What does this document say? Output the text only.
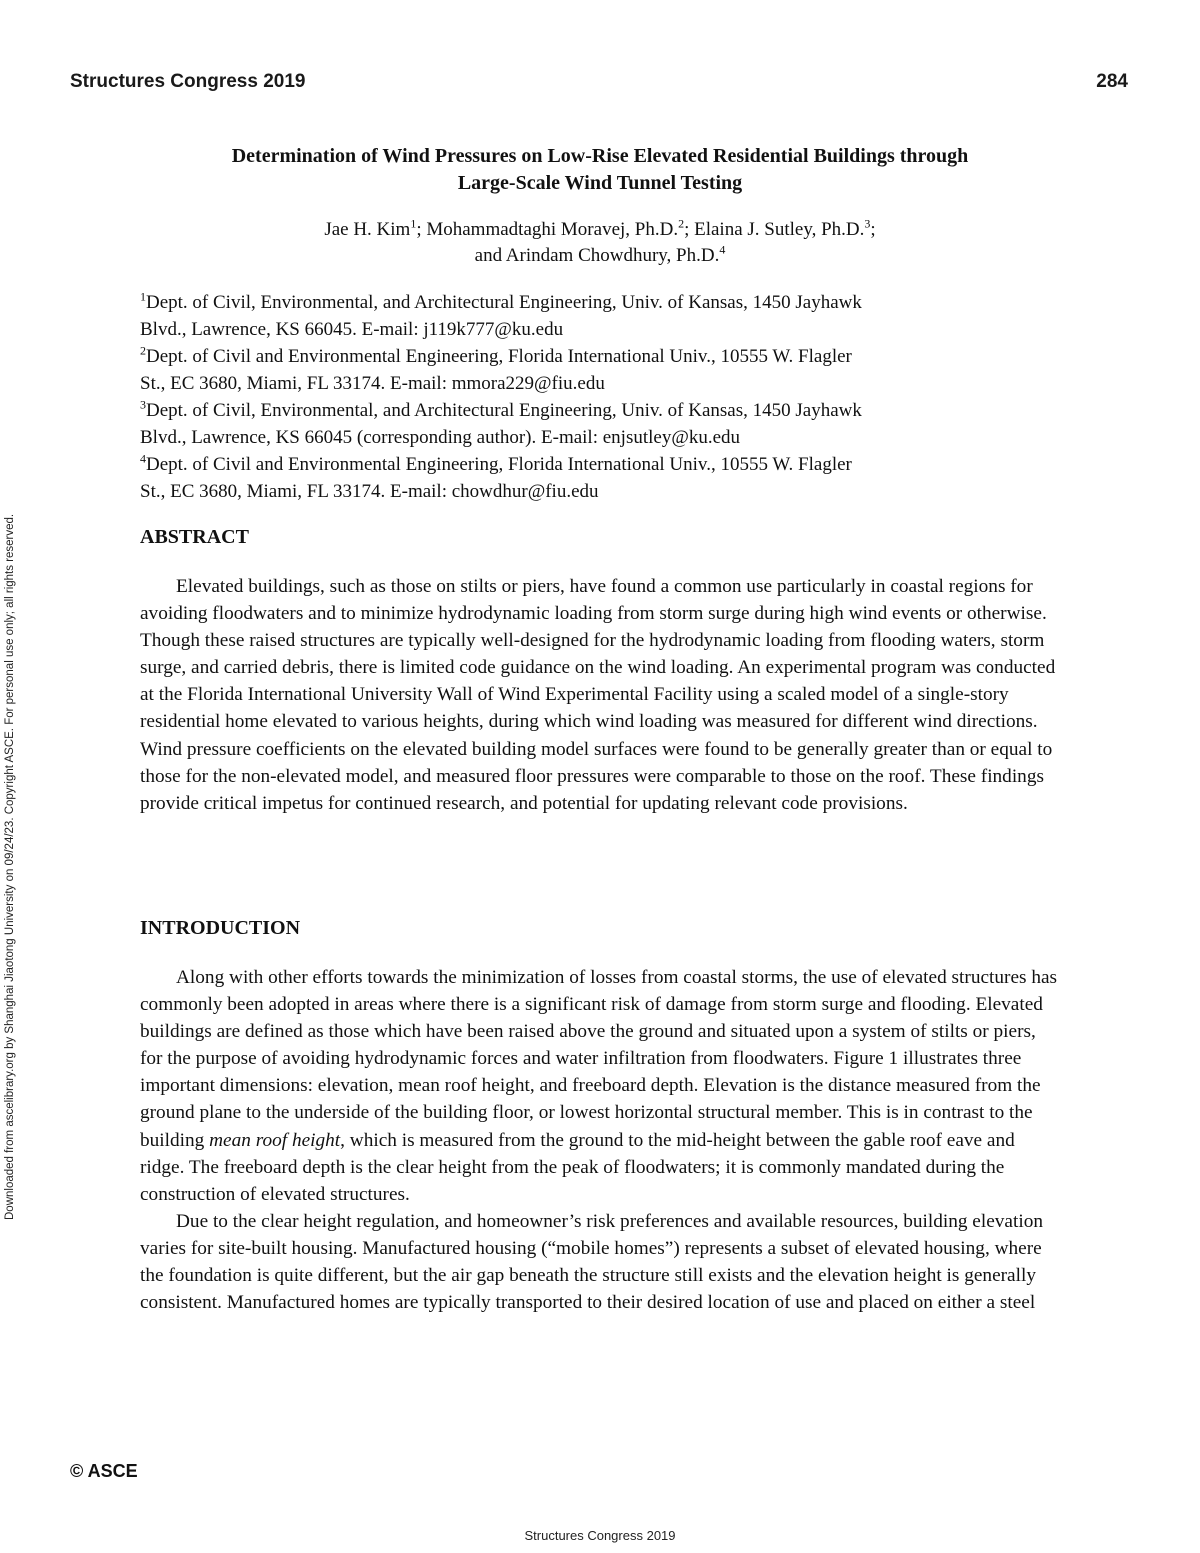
Structures Congress 2019	284
Downloaded from ascelibrary.org by Shanghai Jiaotong University on 09/24/23. Copyright ASCE. For personal use only; all rights reserved.
Determination of Wind Pressures on Low-Rise Elevated Residential Buildings through
Large-Scale Wind Tunnel Testing
Jae H. Kim$^1$; Mohammadtaghi Moravej, Ph.D.$^2$; Elaina J. Sutley, Ph.D.$^3$;
and Arindam Chowdhury, Ph.D.$^4$

$^1$Dept. of Civil, Environmental, and Architectural Engineering, Univ. of Kansas, 1450 Jayhawk

Blvd., Lawrence, KS 66045. E-mail: j119k777@ku.edu

$^2$Dept. of Civil and Environmental Engineering, Florida International Univ., 10555 W. Flagler

St., EC 3680, Miami, FL 33174. E-mail: mmora229@fiu.edu

$^3$Dept. of Civil, Environmental, and Architectural Engineering, Univ. of Kansas, 1450 Jayhawk

Blvd., Lawrence, KS 66045 (corresponding author). E-mail: enjsutley@ku.edu

$^4$Dept. of Civil and Environmental Engineering, Florida International Univ., 10555 W. Flagler

St., EC 3680, Miami, FL 33174. E-mail: chowdhur@fiu.edu

ABSTRACT

Elevated buildings, such as those on stilts or piers, have found a common use particularly in coastal regions for avoiding floodwaters and to minimize hydrodynamic loading from storm surge during high wind events or otherwise. Though these raised structures are typically well-designed for the hydrodynamic loading from flooding waters, storm surge, and carried debris, there is limited code guidance on the wind loading. An experimental program was conducted at the Florida International University Wall of Wind Experimental Facility using a scaled model of a single-story residential home elevated to various heights, during which wind loading was measured for different wind directions. Wind pressure coefficients on the elevated building model surfaces were found to be generally greater than or equal to those for the non-elevated model, and measured floor pressures were comparable to those on the roof. These findings provide critical impetus for continued research, and potential for updating relevant code provisions.

INTRODUCTION

Along with other efforts towards the minimization of losses from coastal storms, the use of elevated structures has commonly been adopted in areas where there is a significant risk of damage from storm surge and flooding. Elevated buildings are defined as those which have been raised above the ground and situated upon a system of stilts or piers, for the purpose of avoiding hydrodynamic forces and water infiltration from floodwaters. Figure 1 illustrates three important dimensions: elevation, mean roof height, and freeboard depth. Elevation is the distance measured from the ground plane to the underside of the building floor, or lowest horizontal structural member. This is in contrast to the building mean roof height, which is measured from the ground to the mid-height between the gable roof eave and ridge. The freeboard depth is the clear height from the peak of floodwaters; it is commonly mandated during the construction of elevated structures.

Due to the clear height regulation, and homeowner’s risk preferences and available resources, building elevation varies for site-built housing. Manufactured housing (“mobile homes”) represents a subset of elevated housing, where the foundation is quite different, but the air gap beneath the structure still exists and the elevation height is generally consistent. Manufactured homes are typically transported to their desired location of use and placed on either a steel

© ASCE
Structures Congress 2019
